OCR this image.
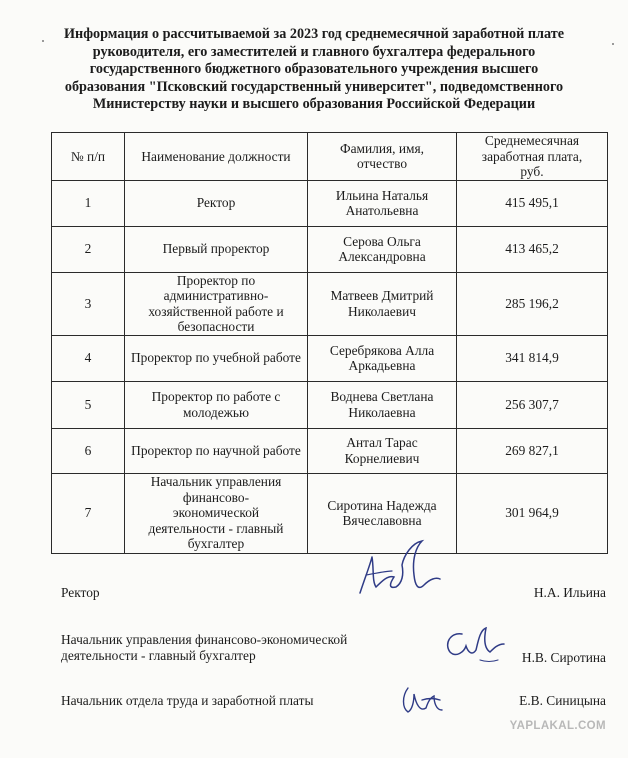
Информация о рассчитываемой за 2023 год среднемесячной заработной плате
руководителя, его заместителей и главного бухгалтера федерального
государственного бюджетного образовательного учреждения высшего
образования "Псковский государственный университет", подведомственного
Министерству науки и высшего образования Российской Федерации
№ п/п	Наименование должности	Фамилия, имя, отчество	Среднемесячная заработная плата, руб.
1	Ректор	Ильина Наталья Анатольевна	415 495,1
2	Первый проректор	Серова Ольга Александровна	413 465,2
3	Проректор по административно-хозяйственной работе и безопасности	Матвеев Дмитрий Николаевич	285 196,2
4	Проректор по учебной работе	Серебрякова Алла Аркадьевна	341 814,9
5	Проректор по работе с молодежью	Воднева Светлана Николаевна	256 307,7
6	Проректор по научной работе	Антал Тарас Корнелиевич	269 827,1
7	Начальник управления финансово-экономической деятельности - главный бухгалтер	Сиротина Надежда Вячеславовна	301 964,9
Ректор	Н.А. Ильина
Начальник управления финансово-экономической
деятельности - главный бухгалтер	Н.В. Сиротина
Начальник отдела труда и заработной платы	Е.В. Синицына
YAPLAKAL.COM
